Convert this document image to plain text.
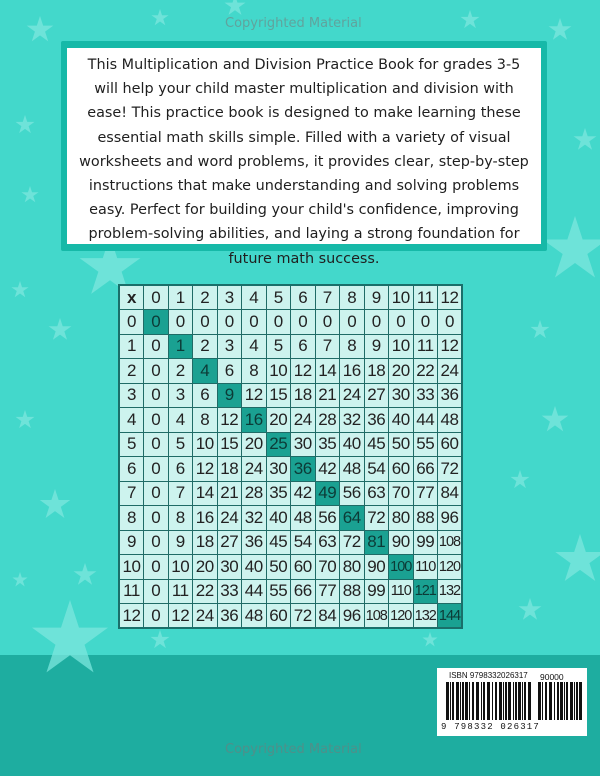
Copyrighted Material
This Multiplication and Division Practice Book for grades 3-5 will help your child master multiplication and division with ease! This practice book is designed to make learning these essential math skills simple. Filled with a variety of visual worksheets and word problems, it provides clear, step-by-step instructions that make understanding and solving problems easy. Perfect for building your child's confidence, improving problem-solving abilities, and laying a strong foundation for future math success.
x	0	1	2	3	4	5	6	7	8	9	10	11	12
0	0	0	0	0	0	0	0	0	0	0	0	0	0
1	0	1	2	3	4	5	6	7	8	9	10	11	12
2	0	2	4	6	8	10	12	14	16	18	20	22	24
3	0	3	6	9	12	15	18	21	24	27	30	33	36
4	0	4	8	12	16	20	24	28	32	36	40	44	48
5	0	5	10	15	20	25	30	35	40	45	50	55	60
6	0	6	12	18	24	30	36	42	48	54	60	66	72
7	0	7	14	21	28	35	42	49	56	63	70	77	84
8	0	8	16	24	32	40	48	56	64	72	80	88	96
9	0	9	18	27	36	45	54	63	72	81	90	99	108
10	0	10	20	30	40	50	60	70	80	90	100	110	120
11	0	11	22	33	44	55	66	77	88	99	110	121	132
12	0	12	24	36	48	60	72	84	96	108	120	132	144
ISBN 9798332026317 90000
9 798332 026317
Copyrighted Material
